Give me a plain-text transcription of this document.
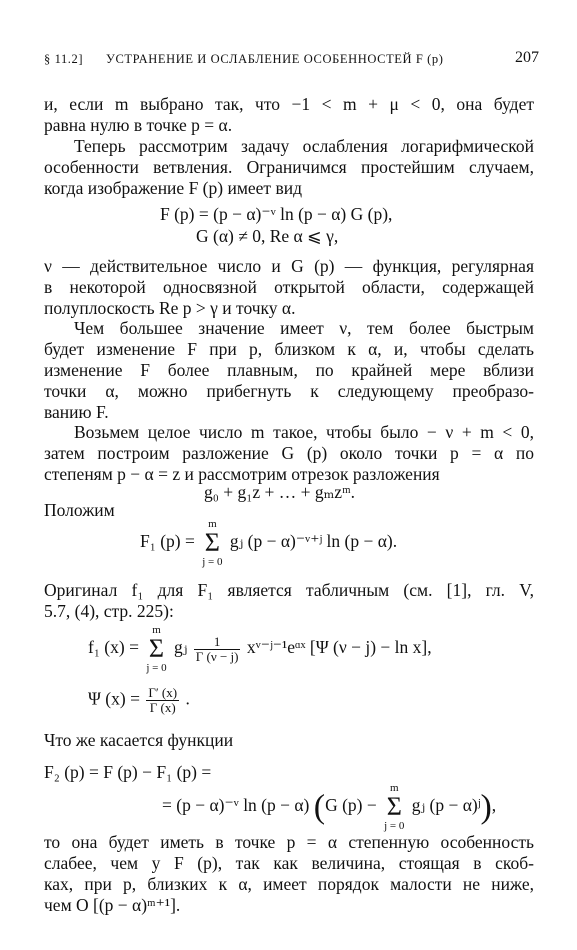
§ 11.2] УСТРАНЕНИЕ И ОСЛАБЛЕНИЕ ОСОБЕННОСТЕЙ F (p)	207
и, если m выбрано так, что −1 < m + μ < 0, она будет
равна нулю в точке p = α.
Теперь рассмотрим задачу ослабления логарифмической
особенности ветвления. Ограничимся простейшим случаем,
когда изображение F (p) имеет вид
F (p) = (p − α)⁻ᵛ ln (p − α) G (p),
G (α) ≠ 0, Re α ⩽ γ,
ν — действительное число и G (p) — функция, регулярная
в некоторой односвязной открытой области, содержащей
полуплоскость Re p > γ и точку α.
Чем большее значение имеет ν, тем более быстрым
будет изменение F при p, близком к α, и, чтобы сделать
изменение F более плавным, по крайней мере вблизи
точки α, можно прибегнуть к следующему преобразо-
ванию F.
Возьмем целое число m такое, чтобы было − ν + m < 0,
затем построим разложение G (p) около точки p = α по
степеням p − α = z и рассмотрим отрезок разложения
g₀ + g₁z + … + gₘzᵐ.
Положим
F₁ (p) =
m
Σ
j = 0
gⱼ (p − α)⁻ᵛ⁺ʲ ln (p − α).
Оригинал f₁ для F₁ является табличным (см. [1], гл. V,
5.7, (4), стр. 225):
f₁ (x) =
m
Σ
j = 0
gⱼ $\frac{1}{\Gamma (\nu - j)}$ xᵛ⁻ʲ⁻¹eᵅˣ [Ψ (ν − j) − ln x],
Ψ $(x) = \frac{\Gamma' (x)}{\Gamma (x)}$ .
Что же касается функции
F₂ (p) = F (p) − F₁ (p) =
= (p − α)⁻ᵛ ln (p − α) (G (p) −
m
Σ
j = 0
gⱼ (p − α)ʲ),
то она будет иметь в точке p = α степенную особенность
слабее, чем у F (p), так как величина, стоящая в скоб-
ках, при p, близких к α, имеет порядок малости не ниже,
чем O [(p − α)ᵐ⁺¹].
